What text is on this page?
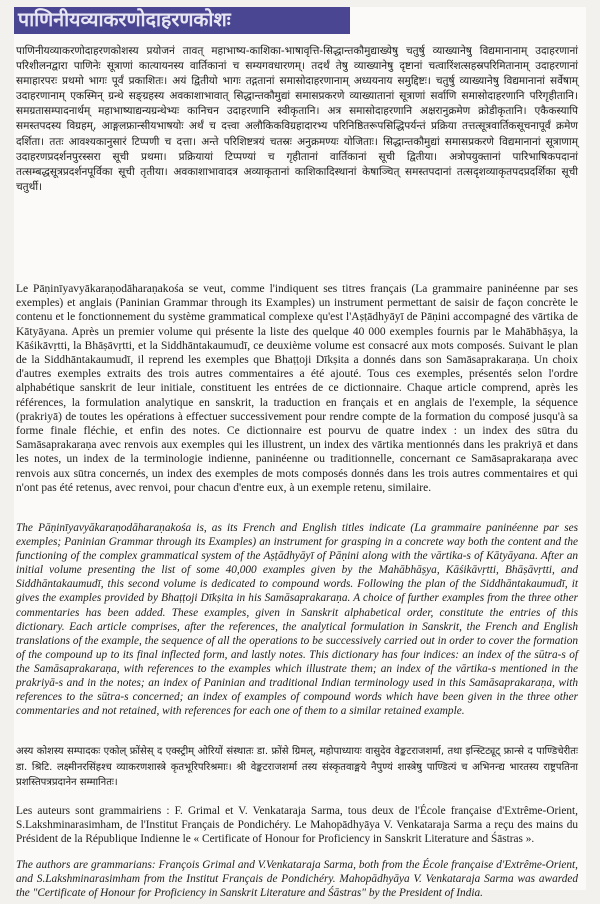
पाणिनीयव्याकरणोदाहरणकोशः

पाणिनीयव्याकरणोदाहरणकोशस्य प्रयोजनं तावत् महाभाष्य-काशिका-भाषावृत्ति-सिद्धान्तकौमुद्याख्येषु चतुर्षु व्याख्यानेषु विद्यमानानाम् उदाहरणानां परिशीलनद्वारा पाणिनेः सूत्राणां कात्यायनस्य वार्तिकानां च सम्यगवधारणम्। तदर्थं तेषु व्याख्यानेषु दृष्टानां चत्वारिंशत्सहस्रपरिमितानाम् उदाहरणानां समाहारपरः प्रथमो भागः पूर्वं प्रकाशितः। अयं द्वितीयो भागः तद्गतानां समासोदाहरणानाम् अध्ययनाय समुद्दिष्टः। चतुर्षु व्याख्यानेषु विद्यमानानां सर्वेषाम् उदाहरणानाम् एकस्मिन् ग्रन्थे सङ्ग्रहस्य अवकाशाभावात् सिद्धान्तकौमुद्यां समासप्रकरणे व्याख्यातानां सूत्राणां सर्वाणि समासोदाहरणानि परिगृहीतानि। समग्रतासम्पादनार्थम् महाभाष्याद्यन्यग्रन्थेभ्यः कानिचन उदाहरणानि स्वीकृतानि। अत्र समासोदाहरणानि अक्षरानुक्रमेण क्रोडीकृतानि। एकैकस्यापि समस्तपदस्य विग्रहम्, आङ्गलफ्रान्सीयभाषयोः अर्थं च दत्त्वा अलौकिकविग्रहादारभ्य परिनिष्ठितरूपसिद्धिपर्यन्तं प्रक्रिया तत्तत्सूत्रवार्तिकसूचनापूर्वं क्रमेण दर्शिता। ततः आवश्यकानुसारं टिप्पणी च दत्ता। अन्ते परिशिष्टत्रयं चतस्रः अनुक्रमण्यः योजिताः। सिद्धान्तकौमुद्यां समासप्रकरणे विद्यमानानां सूत्राणाम् उदाहरणप्रदर्शनपुरस्सरा सूची प्रथमा। प्रक्रियायां टिप्पण्यां च गृहीतानां वार्तिकानां सूची द्वितीया। अत्रोपयुक्तानां पारिभाषिकपदानां तत्सम्बद्धसूत्रप्रदर्शनपूर्विका सूची तृतीया। अवकाशाभावादत्र अव्याकृतानां काशिकादिस्थानां केषाञ्चित् समस्तपदानां तत्सदृशव्याकृतपदप्रदर्शिका सूची चतुर्थी।

Le Pāṇinīyavyākaraṇodāharaṇakośa se veut, comme l'indiquent ses titres français (La grammaire paninéenne par ses exemples) et anglais (Paninian Grammar through its Examples) un instrument permettant de saisir de façon concrète le contenu et le fonctionnement du système grammatical complexe qu'est l'Aṣṭādhyāyī de Pāṇini accompagné des vārtika de Kātyāyana. Après un premier volume qui présente la liste des quelque 40 000 exemples fournis par le Mahābhāṣya, la Kāśikāvṛtti, la Bhāṣāvṛtti, et la Siddhāntakaumudī, ce deuxième volume est consacré aux mots composés. Suivant le plan de la Siddhāntakaumudī, il reprend les exemples que Bhaṭṭoji Dīkṣita a donnés dans son Samāsaprakaraṇa. Un choix d'autres exemples extraits des trois autres commentaires a été ajouté. Tous ces exemples, présentés selon l'ordre alphabétique sanskrit de leur initiale, constituent les entrées de ce dictionnaire. Chaque article comprend, après les références, la formulation analytique en sanskrit, la traduction en français et en anglais de l'exemple, la séquence (prakriyā) de toutes les opérations à effectuer successivement pour rendre compte de la formation du composé jusqu'à sa forme finale fléchie, et enfin des notes. Ce dictionnaire est pourvu de quatre index : un index des sūtra du Samāsaprakaraṇa avec renvois aux exemples qui les illustrent, un index des vārtika mentionnés dans les prakriyā et dans les notes, un index de la terminologie indienne, paninéenne ou traditionnelle, concernant ce Samāsaprakaraṇa avec renvois aux sūtra concernés, un index des exemples de mots composés donnés dans les trois autres commentaires et qui n'ont pas été retenus, avec renvoi, pour chacun d'entre eux, à un exemple retenu, similaire.

The Pāṇinīyavyākaraṇodāharaṇakośa is, as its French and English titles indicate (La grammaire paninéenne par ses exemples; Paninian Grammar through its Examples) an instrument for grasping in a concrete way both the content and the functioning of the complex grammatical system of the Aṣṭādhyāyī of Pāṇini along with the vārtika-s of Kātyāyana. After an initial volume presenting the list of some 40,000 examples given by the Mahābhāṣya, Kāśikāvṛtti, Bhāṣāvṛtti, and Siddhāntakaumudī, this second volume is dedicated to compound words. Following the plan of the Siddhāntakaumudī, it gives the examples provided by Bhaṭṭoji Dīkṣita in his Samāsaprakaraṇa. A choice of further examples from the three other commentaries has been added. These examples, given in Sanskrit alphabetical order, constitute the entries of this dictionary. Each article comprises, after the references, the analytical formulation in Sanskrit, the French and English translations of the example, the sequence of all the operations to be successively carried out in order to cover the formation of the compound up to its final inflected form, and lastly notes. This dictionary has four indices: an index of the sūtra-s of the Samāsaprakaraṇa, with references to the examples which illustrate them; an index of the vārtika-s mentioned in the prakriyā-s and in the notes; an index of Paninian and traditional Indian terminology used in this Samāsaprakaraṇa, with references to the sūtra-s concerned; an index of examples of compound words which have been given in the three other commentaries and not retained, with references for each one of them to a similar retained example.

अस्य कोशस्य सम्पादकः एकोल् फ्रोंसेस् द एक्स्ट्रीम् ओरियों संस्थातः डा. फ्रोंसे ग्रिमल्, महोपाध्यायः वासुदेव वेङ्कटराजशर्मा, तथा इन्स्टिट्यूट् फ्रान्से द पाण्डिचेरीतः डा. श्रिटि. लक्ष्मीनरसिंहश्च व्याकरणशास्त्रे कृतभूरिपरिश्रमाः। श्री वेङ्कटराजशर्मा तस्य संस्कृतवाङ्मये नैपुण्यं शास्त्रेषु पाण्डित्यं च अभिनन्द्य भारतस्य राष्ट्रपतिना प्रशस्तिपत्रप्रदानेन सम्मानितः।

Les auteurs sont grammairiens : F. Grimal et V. Venkataraja Sarma, tous deux de l'École française d'Extrême-Orient, S.Lakshminarasimham, de l'Institut Français de Pondichéry. Le Mahopādhyāya V. Venkataraja Sarma a reçu des mains du Président de la République Indienne le « Certificate of Honour for Proficiency in Sanskrit Literature and Śāstras ».

The authors are grammarians: François Grimal and V.Venkataraja Sarma, both from the École française d'Extrême-Orient, and S.Lakshminarasimham from the Institut Français de Pondichéry. Mahopādhyāya V. Venkataraja Sarma was awarded the "Certificate of Honour for Proficiency in Sanskrit Literature and Śāstras" by the President of India.
